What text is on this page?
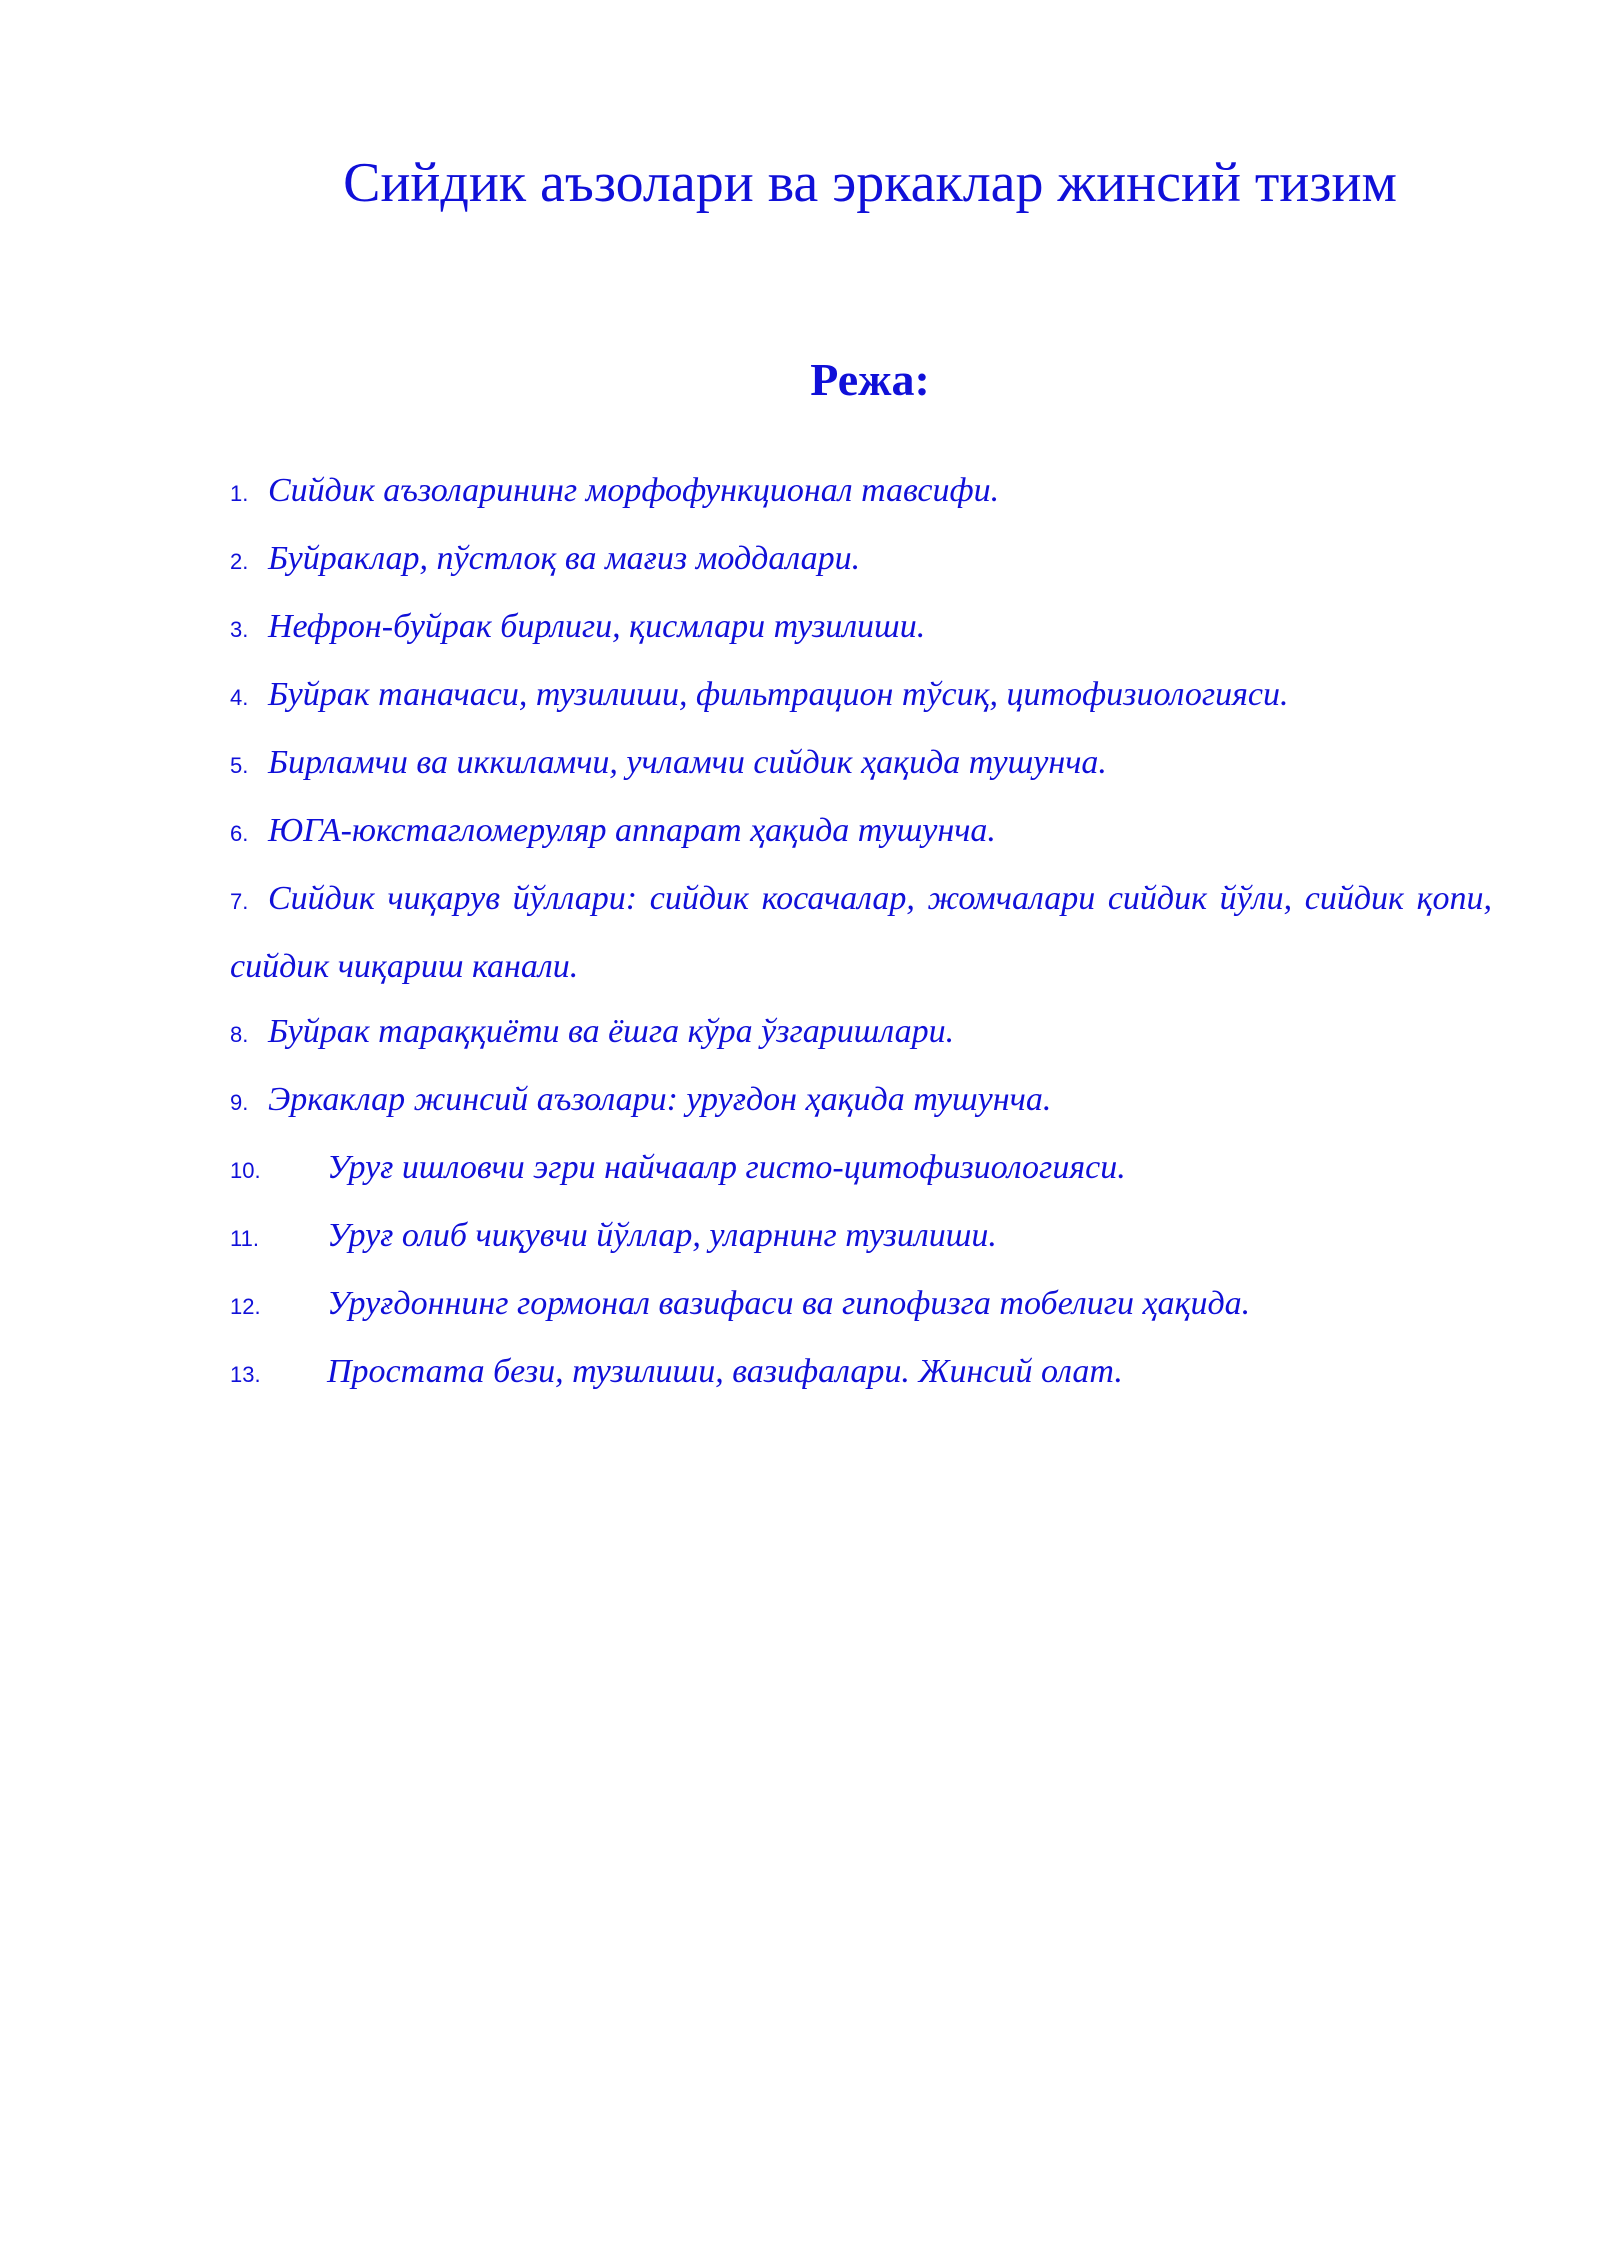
Сийдик аъзолари ва эркаклар жинсий тизим
Режа:
1. Сийдик аъзоларининг морфофункционал тавсифи.
2. Буйраклар, пўстлоқ ва мағиз моддалари.
3. Нефрон-буйрак бирлиги, қисмлари тузилиши.
4. Буйрак таначаси, тузилиши, фильтрацион тўсиқ, цитофизиологияси.
5. Бирламчи ва иккиламчи, учламчи сийдик ҳақида тушунча.
6. ЮГА-юкстагломеруляр аппарат ҳақида тушунча.
7. Сийдик чиқарув йўллари: сийдик косачалар, жомчалари сийдик йўли, сийдик қопи, сийдик чиқариш канали.
8. Буйрак тараққиёти ва ёшга кўра ўзгаришлари.
9. Эркаклар жинсий аъзолари: уруғдон ҳақида тушунча.
10. Уруғ ишловчи эгри найчаалр гисто-цитофизиологияси.
11. Уруғ олиб чиқувчи йўллар, уларнинг тузилиши.
12. Уруғдоннинг гормонал вазифаси ва гипофизга тобелиги ҳақида.
13. Простата бези, тузилиши, вазифалари. Жинсий олат.
